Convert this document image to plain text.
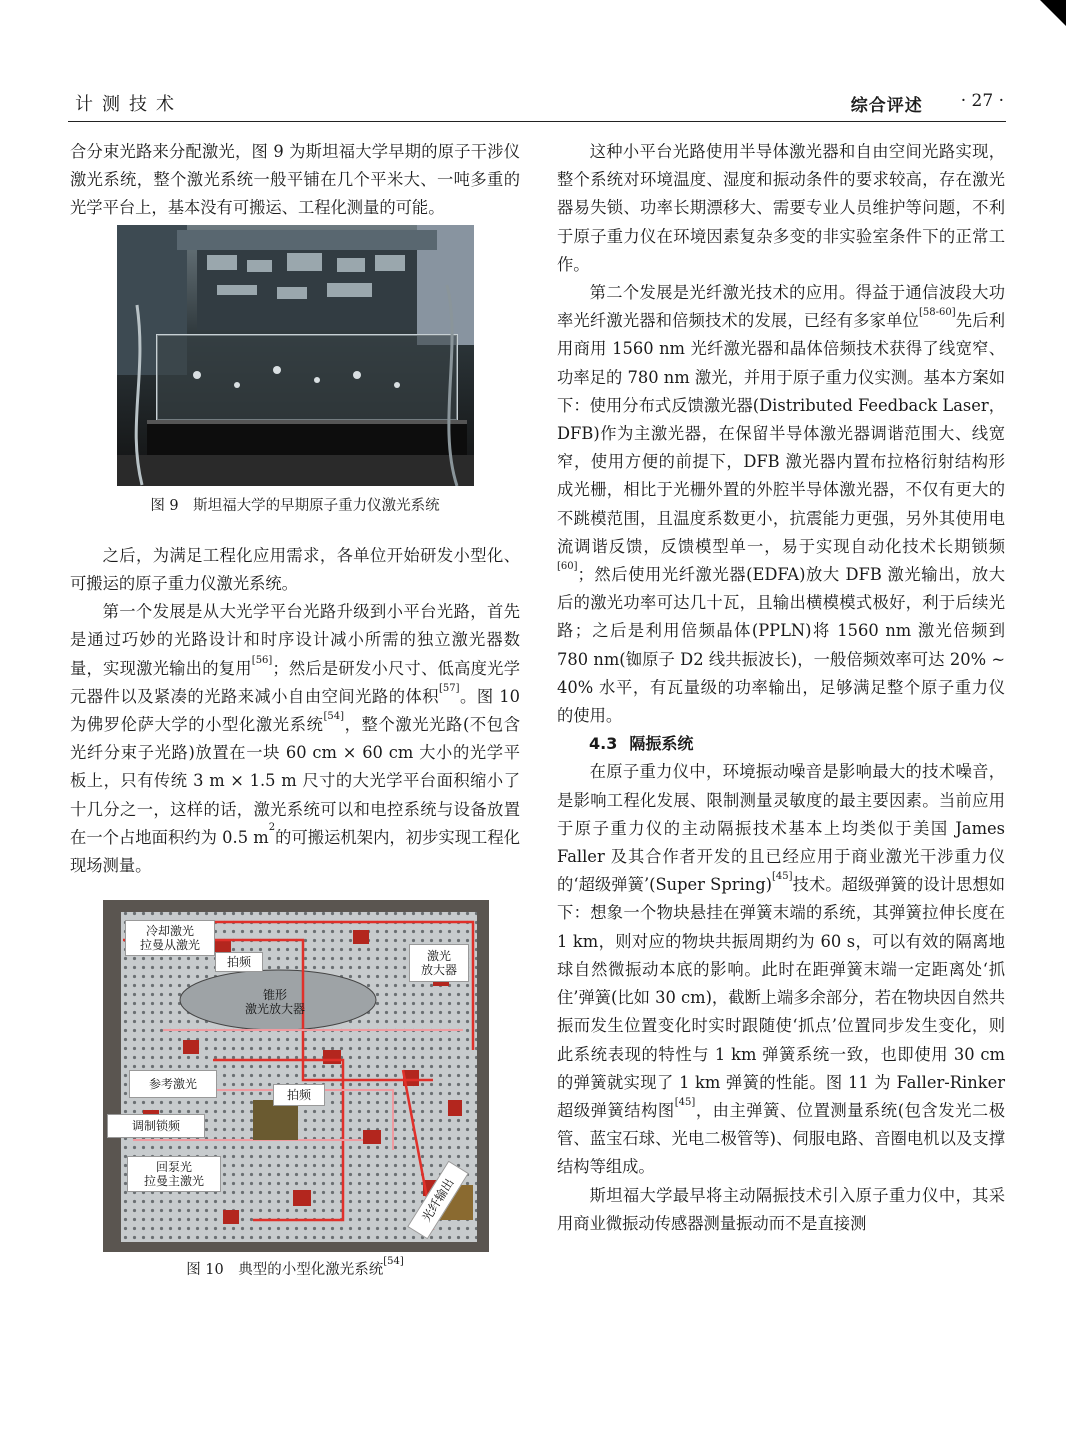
计测技术	综合评述 · 27 ·

合分束光路来分配激光，图 9 为斯坦福大学早期的原子干涉仪激光系统，整个激光系统一般平铺在几个平米大、一吨多重的光学平台上，基本没有可搬运、工程化测量的可能。

图 9　斯坦福大学的早期原子重力仪激光系统

之后，为满足工程化应用需求，各单位开始研发小型化、可搬运的原子重力仪激光系统。

第一个发展是从大光学平台光路升级到小平台光路，首先是通过巧妙的光路设计和时序设计减小所需的独立激光器数量，实现激光输出的复用[56]；然后是研发小尺寸、低高度光学元器件以及紧凑的光路来减小自由空间光路的体积[57]。图 10 为佛罗伦萨大学的小型化激光系统[54]，整个激光光路(不包含光纤分束子光路)放置在一块 60 cm × 60 cm 大小的光学平板上，只有传统 3 m × 1.5 m 尺寸的大光学平台面积缩小了十几分之一，这样的话，激光系统可以和电控系统与设备放置在一个占地面积约为 0.5 $m^2$的可搬运机架内，初步实现工程化现场测量。

冷却激光
拉曼从激光
拍频	激光
放大器
锥形
激光放大器
参考激光
拍频
调制锁频
回泵光
拉曼主激光	光纤输出
图 10　典型的小型化激光系统[54]

这种小平台光路使用半导体激光器和自由空间光路实现，整个系统对环境温度、湿度和振动条件的要求较高，存在激光器易失锁、功率长期漂移大、需要专业人员维护等问题，不利于原子重力仪在环境因素复杂多变的非实验室条件下的正常工作。

第二个发展是光纤激光技术的应用。得益于通信波段大功率光纤激光器和倍频技术的发展，已经有多家单位[58-60]先后利用商用 1560 nm 光纤激光器和晶体倍频技术获得了线宽窄、功率足的 780 nm 激光，并用于原子重力仪实测。基本方案如下：使用分布式反馈激光器(Distributed Feedback Laser，DFB)作为主激光器，在保留半导体激光器调谐范围大、线宽窄，使用方便的前提下，DFB 激光器内置布拉格衍射结构形成光栅，相比于光栅外置的外腔半导体激光器，不仅有更大的不跳模范围，且温度系数更小，抗震能力更强，另外其使用电流调谐反馈，反馈模型单一，易于实现自动化技术长期锁频[60]；然后使用光纤激光器(EDFA)放大 DFB 激光输出，放大后的激光功率可达几十瓦，且输出横模模式极好，利于后续光路；之后是利用倍频晶体(PPLN)将 1560 nm 激光倍频到 780 nm(铷原子 D2 线共振波长)，一般倍频效率可达 20% ~ 40% 水平，有瓦量级的功率输出，足够满足整个原子重力仪的使用。

4.3 隔振系统

在原子重力仪中，环境振动噪音是影响最大的技术噪音，是影响工程化发展、限制测量灵敏度的最主要因素。当前应用于原子重力仪的主动隔振技术基本上均类似于美国 James Faller 及其合作者开发的且已经应用于商业激光干涉重力仪的‘超级弹簧’(Super Spring)[45]技术。超级弹簧的设计思想如下：想象一个物块悬挂在弹簧末端的系统，其弹簧拉伸长度在 1 km，则对应的物块共振周期约为 60 s，可以有效的隔离地球自然微振动本底的影响。此时在距弹簧末端一定距离处‘抓住’弹簧(比如 30 cm)，截断上端多余部分，若在物块因自然共振而发生位置变化时实时跟随使‘抓点’位置同步发生变化，则此系统表现的特性与 1 km 弹簧系统一致，也即使用 30 cm 的弹簧就实现了 1 km 弹簧的性能。图 11 为 Faller-Rinker 超级弹簧结构图[45]，由主弹簧、位置测量系统(包含发光二极管、蓝宝石球、光电二极管等)、伺服电路、音圈电机以及支撑结构等组成。

斯坦福大学最早将主动隔振技术引入原子重力仪中，其采用商业微振动传感器测量振动而不是直接测
